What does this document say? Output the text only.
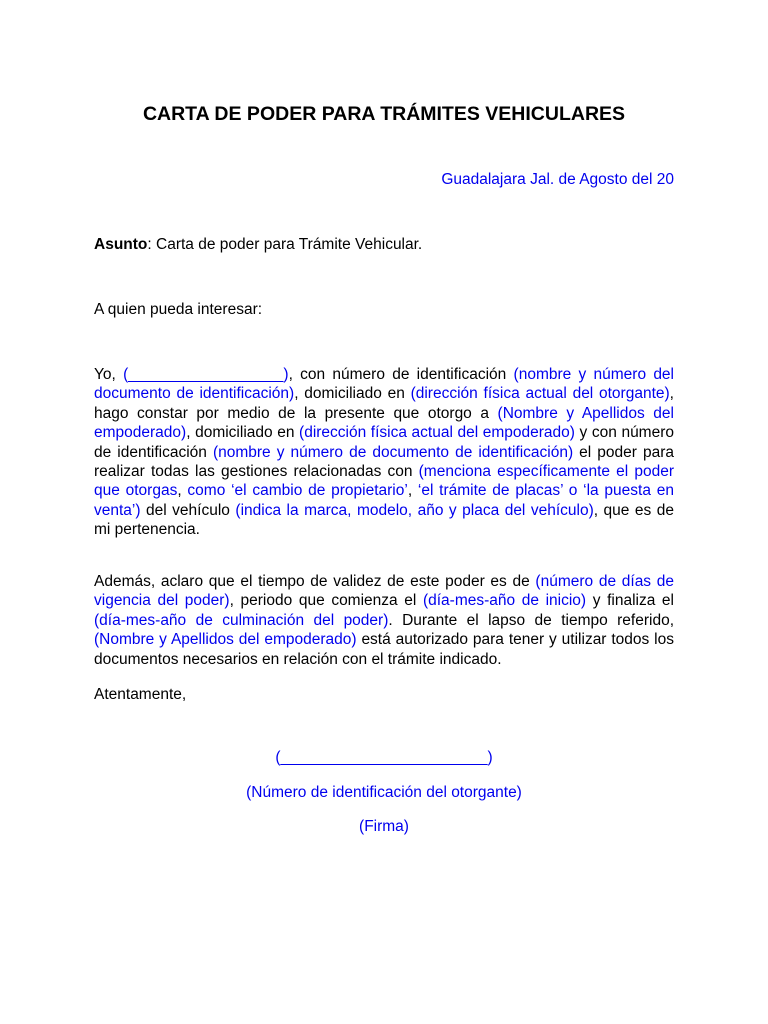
CARTA DE PODER PARA TRÁMITES VEHICULARES
Guadalajara Jal. de Agosto del 20
Asunto: Carta de poder para Trámite Vehicular.
A quien pueda interesar:

Yo, (__________________), con número de identificación (nombre y número del documento de identificación), domiciliado en (dirección física actual del otorgante), hago constar por medio de la presente que otorgo a (Nombre y Apellidos del empoderado), domiciliado en (dirección física actual del empoderado) y con número de identificación (nombre y número de documento de identificación) el poder para realizar todas las gestiones relacionadas con (menciona específicamente el poder que otorgas, como ‘el cambio de propietario’, ‘el trámite de placas’ o ‘la puesta en venta’) del vehículo (indica la marca, modelo, año y placa del vehículo), que es de mi pertenencia.

Además, aclaro que el tiempo de validez de este poder es de (número de días de vigencia del poder), periodo que comienza el (día-mes-año de inicio) y finaliza el (día-mes-año de culminación del poder). Durante el lapso de tiempo referido, (Nombre y Apellidos del empoderado) está autorizado para tener y utilizar todos los documentos necesarios en relación con el trámite indicado.

Atentamente,
(________________________)
(Número de identificación del otorgante)
(Firma)
